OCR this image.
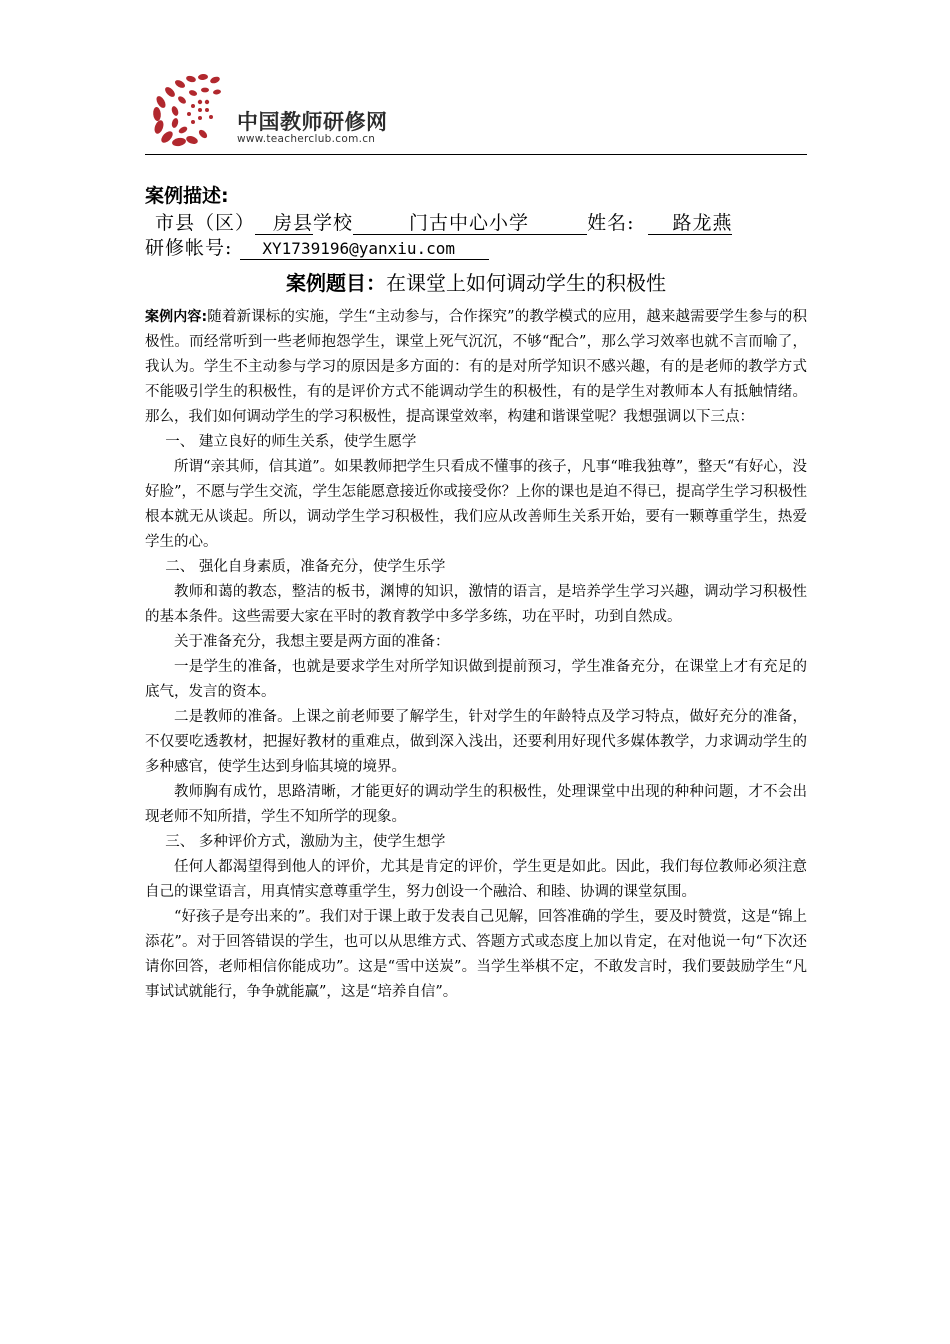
中国教师研修网
www.teacherclub.com.cn
案例描述:
市县（区） 房县学校	门古中心小学	姓名: 路龙燕
研修帐号: XY1739196@yanxiu.com
案例题目：在课堂上如何调动学生的积极性

案例内容:随着新课标的实施，学生“主动参与，合作探究”的教学模式的应用，越来越需要学生参与的积极性。而经常听到一些老师抱怨学生，课堂上死气沉沉，不够“配合”，那么学习效率也就不言而喻了，我认为。学生不主动参与学习的原因是多方面的：有的是对所学知识不感兴趣，有的是老师的教学方式不能吸引学生的积极性，有的是评价方式不能调动学生的积极性，有的是学生对教师本人有抵触情绪。那么，我们如何调动学生的学习积极性，提高课堂效率，构建和谐课堂呢？我想强调以下三点：

一、 建立良好的师生关系，使学生愿学

所谓“亲其师，信其道”。如果教师把学生只看成不懂事的孩子，凡事“唯我独尊”，整天“有好心，没好脸”，不愿与学生交流，学生怎能愿意接近你或接受你？上你的课也是迫不得已，提高学生学习积极性根本就无从谈起。所以，调动学生学习积极性，我们应从改善师生关系开始，要有一颗尊重学生，热爱学生的心。

二、 强化自身素质，准备充分，使学生乐学

教师和蔼的教态，整洁的板书，渊博的知识，激情的语言，是培养学生学习兴趣，调动学习积极性的基本条件。这些需要大家在平时的教育教学中多学多练，功在平时，功到自然成。

关于准备充分，我想主要是两方面的准备：

一是学生的准备，也就是要求学生对所学知识做到提前预习，学生准备充分，在课堂上才有充足的底气，发言的资本。

二是教师的准备。上课之前老师要了解学生，针对学生的年龄特点及学习特点，做好充分的准备，不仅要吃透教材，把握好教材的重难点，做到深入浅出，还要利用好现代多媒体教学，力求调动学生的多种感官，使学生达到身临其境的境界。

教师胸有成竹，思路清晰，才能更好的调动学生的积极性，处理课堂中出现的种种问题，才不会出现老师不知所措，学生不知所学的现象。

三、 多种评价方式，激励为主，使学生想学

任何人都渴望得到他人的评价，尤其是肯定的评价，学生更是如此。因此，我们每位教师必须注意自己的课堂语言，用真情实意尊重学生，努力创设一个融洽、和睦、协调的课堂氛围。

“好孩子是夸出来的”。我们对于课上敢于发表自己见解，回答准确的学生，要及时赞赏，这是“锦上添花”。对于回答错误的学生，也可以从思维方式、答题方式或态度上加以肯定，在对他说一句“下次还请你回答，老师相信你能成功”。这是“雪中送炭”。当学生举棋不定，不敢发言时，我们要鼓励学生“凡事试试就能行，争争就能赢”，这是“培养自信”。
